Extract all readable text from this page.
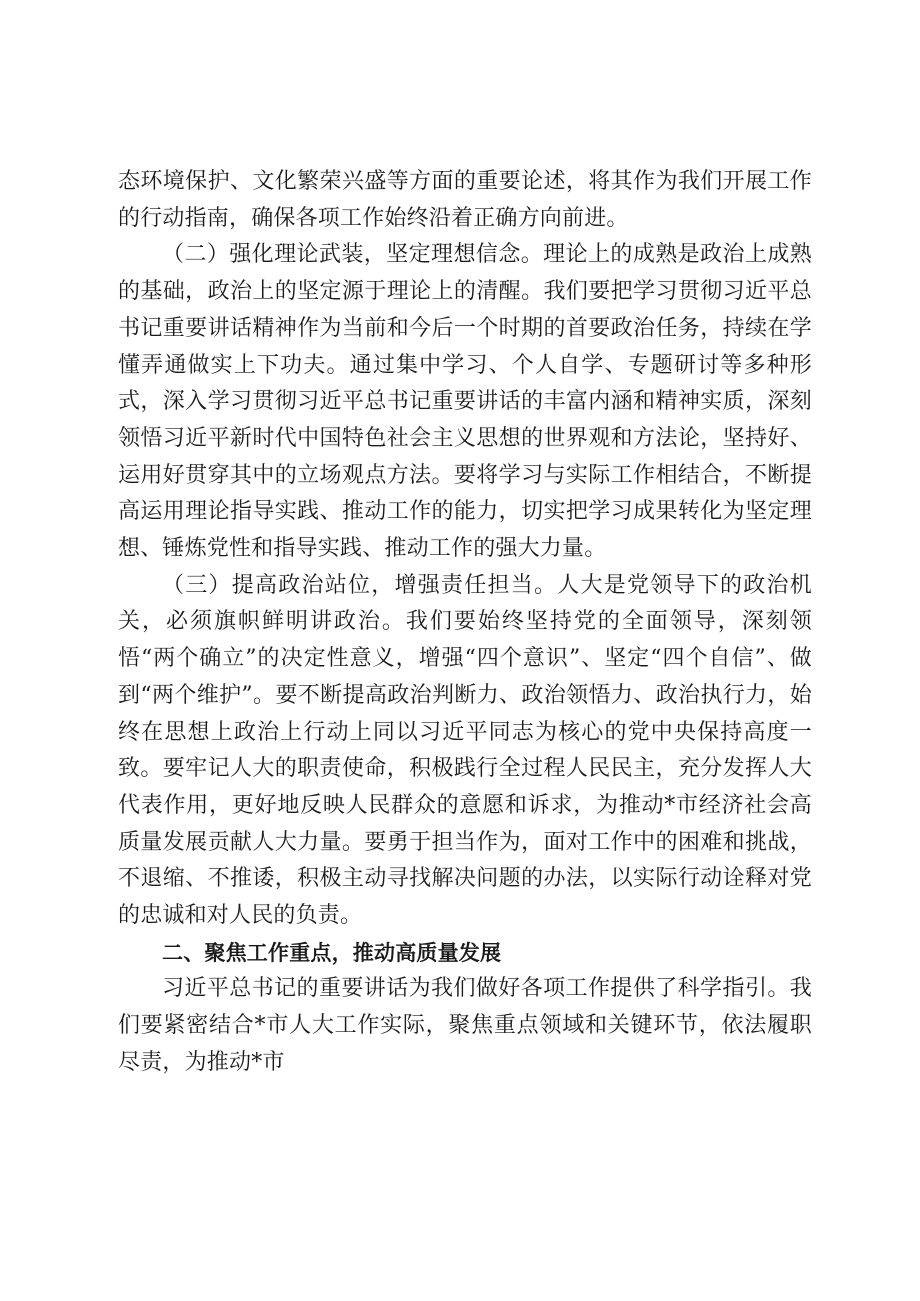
态环境保护、文化繁荣兴盛等方面的重要论述，将其作为我们开展工作的行动指南，确保各项工作始终沿着正确方向前进。

（二）强化理论武装，坚定理想信念。理论上的成熟是政治上成熟的基础，政治上的坚定源于理论上的清醒。我们要把学习贯彻习近平总书记重要讲话精神作为当前和今后一个时期的首要政治任务，持续在学懂弄通做实上下功夫。通过集中学习、个人自学、专题研讨等多种形式，深入学习贯彻习近平总书记重要讲话的丰富内涵和精神实质，深刻领悟习近平新时代中国特色社会主义思想的世界观和方法论，坚持好、运用好贯穿其中的立场观点方法。要将学习与实际工作相结合，不断提高运用理论指导实践、推动工作的能力，切实把学习成果转化为坚定理想、锤炼党性和指导实践、推动工作的强大力量。

（三）提高政治站位，增强责任担当。人大是党领导下的政治机关，必须旗帜鲜明讲政治。我们要始终坚持党的全面领导，深刻领悟“两个确立”的决定性意义，增强“四个意识”、坚定“四个自信”、做到“两个维护”。要不断提高政治判断力、政治领悟力、政治执行力，始终在思想上政治上行动上同以习近平同志为核心的党中央保持高度一致。要牢记人大的职责使命，积极践行全过程人民民主，充分发挥人大代表作用，更好地反映人民群众的意愿和诉求，为推动*市经济社会高质量发展贡献人大力量。要勇于担当作为，面对工作中的困难和挑战，不退缩、不推诿，积极主动寻找解决问题的办法，以实际行动诠释对党的忠诚和对人民的负责。

二、聚焦工作重点，推动高质量发展

习近平总书记的重要讲话为我们做好各项工作提供了科学指引。我们要紧密结合*市人大工作实际，聚焦重点领域和关键环节，依法履职尽责，为推动*市
